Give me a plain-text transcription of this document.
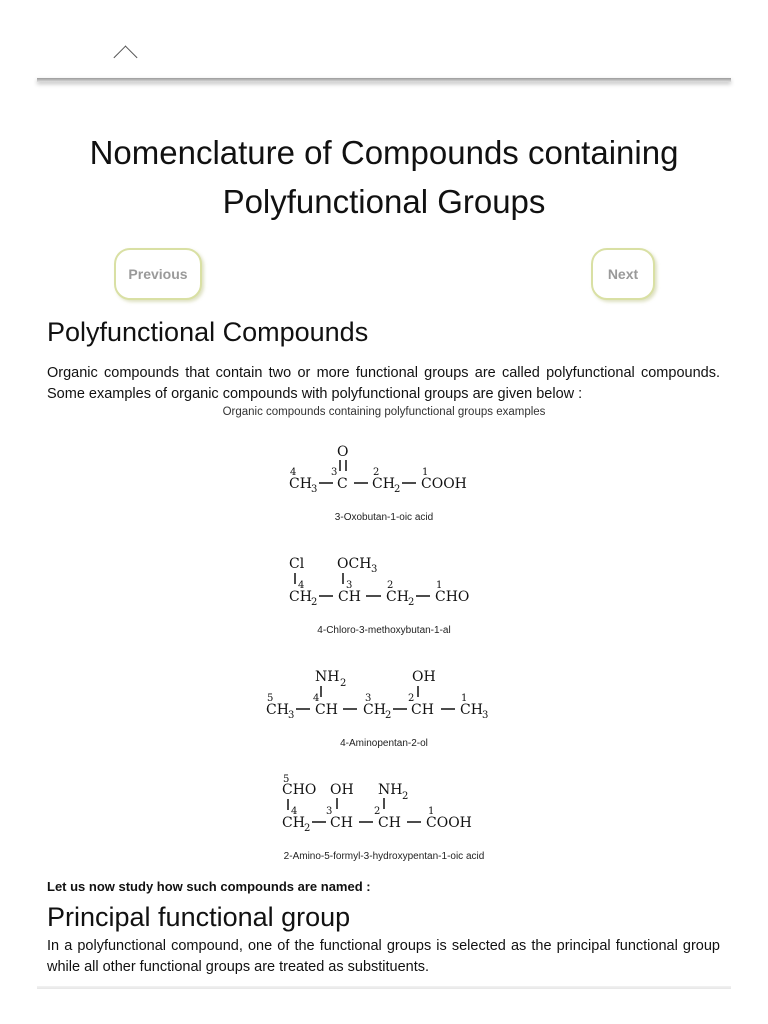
Nomenclature of Compounds containing Polyfunctional Groups
Previous	Next
Polyfunctional Compounds

Organic compounds that contain two or more functional groups are called polyfunctional compounds. Some examples of organic compounds with polyfunctional groups are given below :

Organic compounds containing polyfunctional groups examples
O
4	3	2	1
CH 3 C CH 2 COOH
3-Oxobutan-1-oic acid
Cl OCH 3
4	3	2	1
CH 2 CH CH 2 CHO
4-Chloro-3-methoxybutan-1-al
NH 2	OH
5	4	3	2	1
CH 3 CH CH 2 CH CH 3
4-Aminopentan-2-ol
5
CHO OH NH 2
4	3	2	1
CH 2 CH CH COOH
2-Amino-5-formyl-3-hydroxypentan-1-oic acid

Let us now study how such compounds are named :

Principal functional group

In a polyfunctional compound, one of the functional groups is selected as the principal functional group while all other functional groups are treated as substituents.
